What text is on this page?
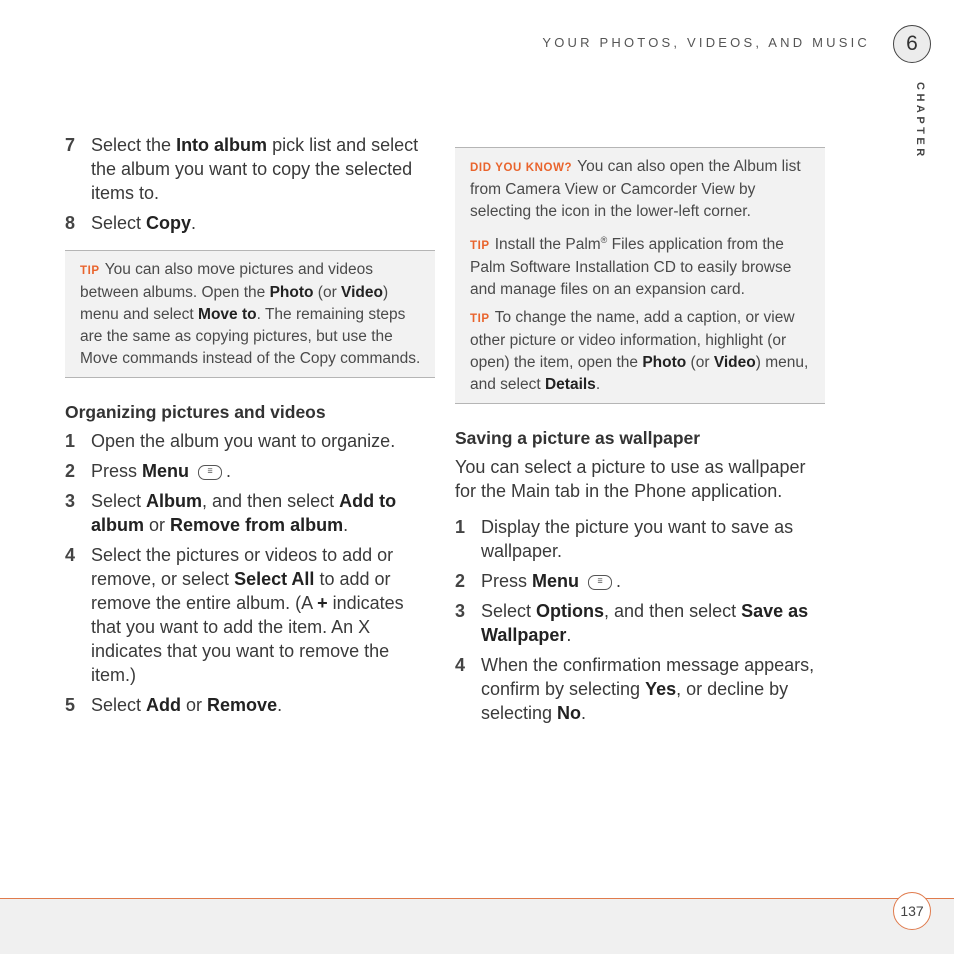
YOUR PHOTOS, VIDEOS, AND MUSIC	6
CHAPTER
7 Select the Into album pick list and select the album you want to copy the selected items to.
8 Select Copy.

TIP You can also move pictures and videos between albums. Open the Photo (or Video) menu and select Move to. The remaining steps are the same as copying pictures, but use the Move commands instead of the Copy commands.

Organizing pictures and videos
1 Open the album you want to organize.
2 Press Menu	☰ .
3 Select Album, and then select Add to album or Remove from album.
4 Select the pictures or videos to add or remove, or select Select All to add or remove the entire album. (A + indicates that you want to add the item. An X indicates that you want to remove the item.)
5 Select Add or Remove.

DID YOU KNOW? You can also open the Album list from Camera View or Camcorder View by selecting the icon in the lower-left corner.

TIP Install the Palm® Files application from the Palm Software Installation CD to easily browse and manage files on an expansion card.

TIP To change the name, add a caption, or view other picture or video information, highlight (or open) the item, open the Photo (or Video) menu, and select Details.

Saving a picture as wallpaper

You can select a picture to use as wallpaper for the Main tab in the Phone application.

1 Display the picture you want to save as wallpaper.
2 Press Menu	☰ .
3 Select Options, and then select Save as Wallpaper.
4 When the confirmation message appears, confirm by selecting Yes, or decline by selecting No.
137
